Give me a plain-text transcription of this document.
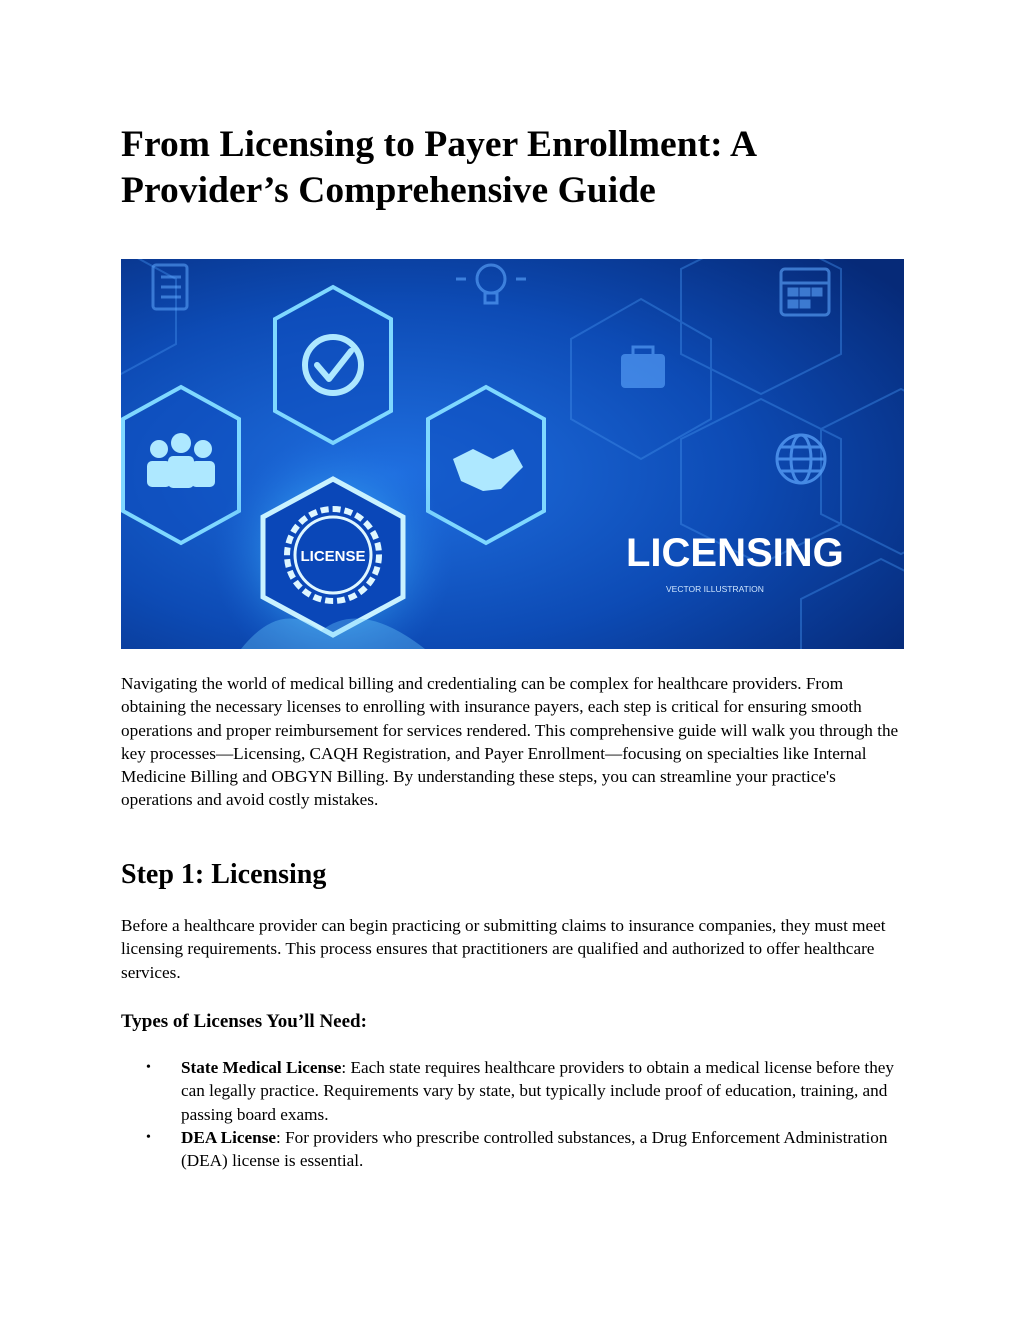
From Licensing to Payer Enrollment: A Provider’s Comprehensive Guide
LICENSE	LICENSING
VECTOR ILLUSTRATION

Navigating the world of medical billing and credentialing can be complex for healthcare providers. From obtaining the necessary licenses to enrolling with insurance payers, each step is critical for ensuring smooth operations and proper reimbursement for services rendered. This comprehensive guide will walk you through the key processes—Licensing, CAQH Registration, and Payer Enrollment—focusing on specialties like Internal Medicine Billing and OBGYN Billing. By understanding these steps, you can streamline your practice's operations and avoid costly mistakes.

Step 1: Licensing

Before a healthcare provider can begin practicing or submitting claims to insurance companies, they must meet licensing requirements. This process ensures that practitioners are qualified and authorized to offer healthcare services.

Types of Licenses You’ll Need:
• State Medical License: Each state requires healthcare providers to obtain a medical license before they can legally practice. Requirements vary by state, but typically include proof of education, training, and passing board exams.
• DEA License: For providers who prescribe controlled substances, a Drug Enforcement Administration (DEA) license is essential.
